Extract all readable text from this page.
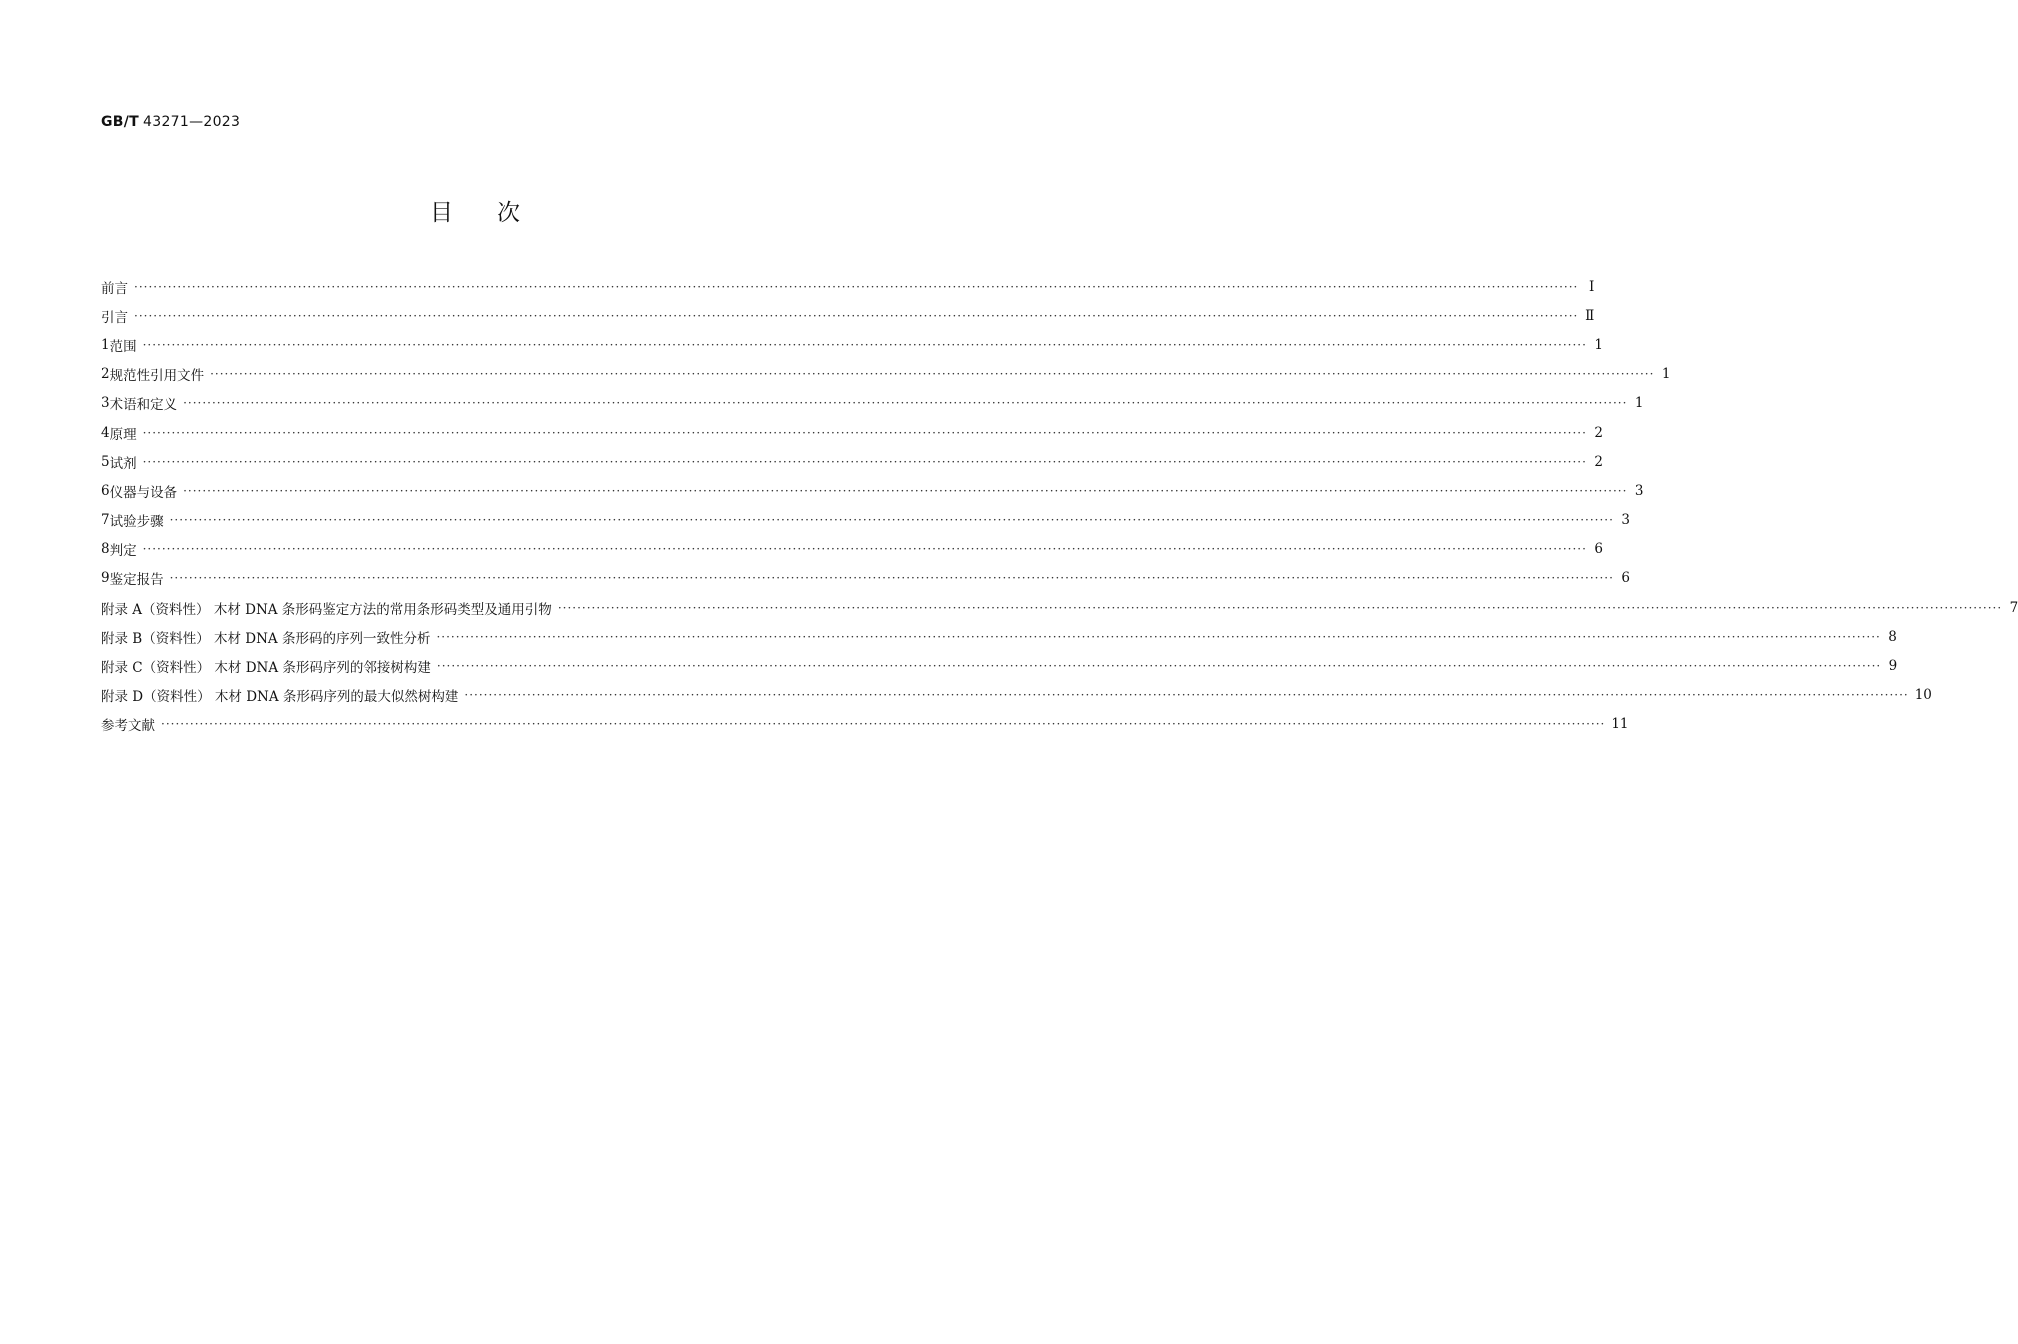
GB/T 43271—2023
目次
前言 ············································································································································································································································································································ Ⅰ
引言 ············································································································································································································································································································ Ⅱ
1 范围 ············································································································································································································································································································ 1
2 规范性引用文件 ············································································································································································································································································································ 1
3 术语和定义 ············································································································································································································································································································ 1
4 原理 ············································································································································································································································································································ 2
5 试剂 ············································································································································································································································································································ 2
6 仪器与设备 ············································································································································································································································································································ 3
7 试验步骤 ············································································································································································································································································································ 3
8 判定 ············································································································································································································································································································ 6
9 鉴定报告 ············································································································································································································································································································ 6
附录 A（资料性） 木材 DNA 条形码鉴定方法的常用条形码类型及通用引物 ············································································································································································································································································································ 7
附录 B（资料性） 木材 DNA 条形码的序列一致性分析 ············································································································································································································································································································ 8
附录 C（资料性） 木材 DNA 条形码序列的邻接树构建 ············································································································································································································································································································ 9
附录 D（资料性） 木材 DNA 条形码序列的最大似然树构建 ············································································································································································································································································································ 10
参考文献 ············································································································································································································································································································ 11
